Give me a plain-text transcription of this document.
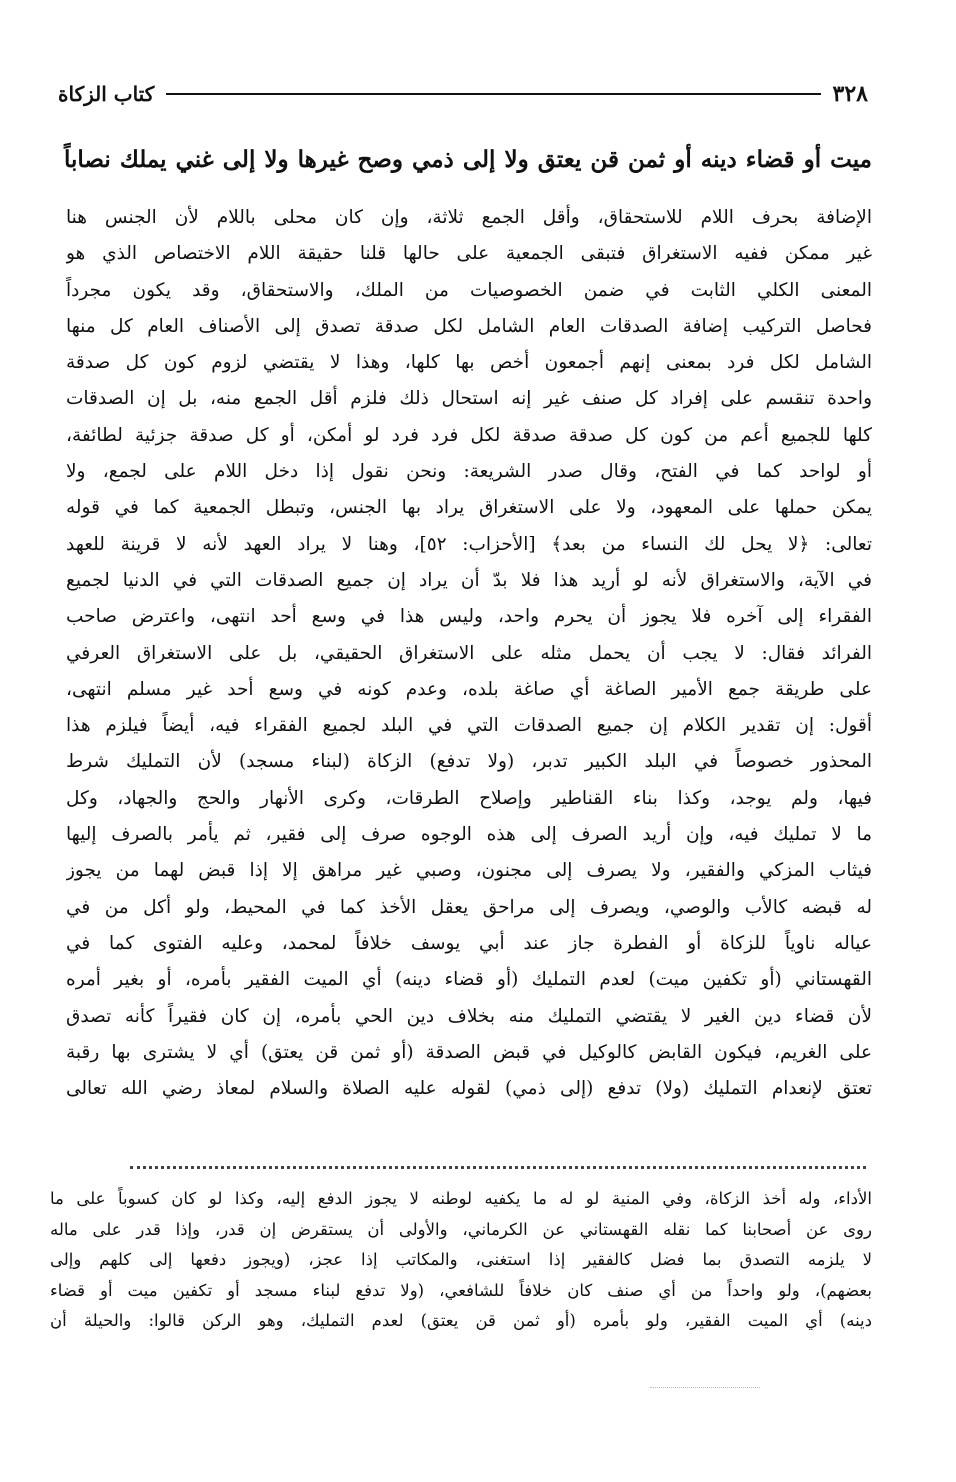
٣٢٨
كتاب الزكاة
ميت أو قضاء دينه أو ثمن قن يعتق ولا إلى ذمي وصح غيرها ولا إلى غني يملك نصاباً
الإضافة بحرف اللام للاستحقاق، وأقل الجمع ثلاثة، وإن كان محلى باللام لأن الجنس هنا
غير ممكن ففيه الاستغراق فتبقى الجمعية على حالها قلنا حقيقة اللام الاختصاص الذي هو
المعنى الكلي الثابت في ضمن الخصوصيات من الملك، والاستحقاق، وقد يكون مجرداً
فحاصل التركيب إضافة الصدقات العام الشامل لكل صدقة تصدق إلى الأصناف العام كل منها
الشامل لكل فرد بمعنى إنهم أجمعون أخص بها كلها، وهذا لا يقتضي لزوم كون كل صدقة
واحدة تنقسم على إفراد كل صنف غير إنه استحال ذلك فلزم أقل الجمع منه، بل إن الصدقات
كلها للجميع أعم من كون كل صدقة صدقة لكل فرد فرد لو أمكن، أو كل صدقة جزئية لطائفة،
أو لواحد كما في الفتح، وقال صدر الشريعة: ونحن نقول إذا دخل اللام على لجمع، ولا
يمكن حملها على المعهود، ولا على الاستغراق يراد بها الجنس، وتبطل الجمعية كما في قوله
تعالى: ﴿لا يحل لك النساء من بعد﴾ [الأحزاب: ٥٢]، وهنا لا يراد العهد لأنه لا قرينة للعهد
في الآية، والاستغراق لأنه لو أريد هذا فلا بدّ أن يراد إن جميع الصدقات التي في الدنيا لجميع
الفقراء إلى آخره فلا يجوز أن يحرم واحد، وليس هذا في وسع أحد انتهى، واعترض صاحب
الفرائد فقال: لا يجب أن يحمل مثله على الاستغراق الحقيقي، بل على الاستغراق العرفي
على طريقة جمع الأمير الصاغة أي صاغة بلده، وعدم كونه في وسع أحد غير مسلم انتهى،
أقول: إن تقدير الكلام إن جميع الصدقات التي في البلد لجميع الفقراء فيه، أيضاً فيلزم هذا
المحذور خصوصاً في البلد الكبير تدبر، (ولا تدفع) الزكاة (لبناء مسجد) لأن التمليك شرط
فيها، ولم يوجد، وكذا بناء القناطير وإصلاح الطرقات، وكرى الأنهار والحج والجهاد، وكل
ما لا تمليك فيه، وإن أريد الصرف إلى هذه الوجوه صرف إلى فقير، ثم يأمر بالصرف إليها
فيثاب المزكي والفقير، ولا يصرف إلى مجنون، وصبي غير مراهق إلا إذا قبض لهما من يجوز
له قبضه كالأب والوصي، ويصرف إلى مراحق يعقل الأخذ كما في المحيط، ولو أكل من في
عياله ناوياً للزكاة أو الفطرة جاز عند أبي يوسف خلافاً لمحمد، وعليه الفتوى كما في
القهستاني (أو تكفين ميت) لعدم التمليك (أو قضاء دينه) أي الميت الفقير بأمره، أو بغير أمره
لأن قضاء دين الغير لا يقتضي التمليك منه بخلاف دين الحي بأمره، إن كان فقيراً كأنه تصدق
على الغريم، فيكون القابض كالوكيل في قبض الصدقة (أو ثمن قن يعتق) أي لا يشترى بها رقبة
تعتق لإنعدام التمليك (ولا) تدفع (إلى ذمي) لقوله عليه الصلاة والسلام لمعاذ رضي الله تعالى
الأداء، وله أخذ الزكاة، وفي المنية لو له ما يكفيه لوطنه لا يجوز الدفع إليه، وكذا لو كان كسوباً على ما
روى عن أصحابنا كما نقله القهستاني عن الكرماني، والأولى أن يستقرض إن قدر، وإذا قدر على ماله
لا يلزمه التصدق بما فضل كالفقير إذا استغنى، والمكاتب إذا عجز، (ويجوز دفعها إلى كلهم وإلى
بعضهم)، ولو واحداً من أي صنف كان خلافاً للشافعي، (ولا تدفع لبناء مسجد أو تكفين ميت أو قضاء
دينه) أي الميت الفقير، ولو بأمره (أو ثمن قن يعتق) لعدم التمليك، وهو الركن قالوا: والحيلة أن
